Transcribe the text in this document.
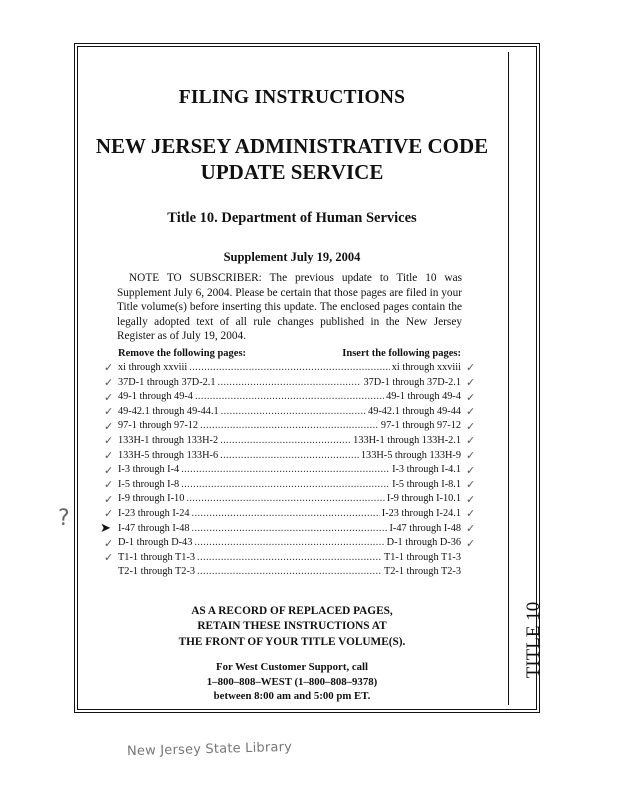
TITLE 10
FILING INSTRUCTIONS
NEW JERSEY ADMINISTRATIVE CODE
UPDATE SERVICE
Title 10. Department of Human Services
Supplement July 19, 2004
NOTE TO SUBSCRIBER: The previous update to Title 10 was Supplement July 6, 2004. Please be certain that those pages are filed in your Title volume(s) before inserting this update. The enclosed pages contain the legally adopted text of all rule changes published in the New Jersey Register as of July 19, 2004.
Remove the following pages:	Insert the following pages:
xi through xxviii .....	xi through xxviii
37D-1 through 37D-2.1 .....	37D-1 through 37D-2.1
49-1 through 49-4 .....	49-1 through 49-4
49-42.1 through 49-44.1 .....	49-42.1 through 49-44
97-1 through 97-12 .....	97-1 through 97-12
133H-1 through 133H-2 .....	133H-1 through 133H-2.1
133H-5 through 133H-6 .....	133H-5 through 133H-9
I-3 through I-4 .....	I-3 through I-4.1
I-5 through I-8 .....	I-5 through I-8.1
I-9 through I-10 .....	I-9 through I-10.1
I-23 through I-24 .....	I-23 through I-24.1
I-47 through I-48 .....	I-47 through I-48
D-1 through D-43 .....	D-1 through D-36
T1-1 through T1-3 .....	T1-1 through T1-3
T2-1 through T2-3 .....	T2-1 through T2-3
✓
✓
✓
✓
✓
✓
✓
✓
✓
✓
✓
✓
✓
✓
✓
✓
✓
✓
✓
✓
✓
✓
✓
✓
✓
✓
➤
?
AS A RECORD OF REPLACED PAGES,
RETAIN THESE INSTRUCTIONS AT
THE FRONT OF YOUR TITLE VOLUME(S).
For West Customer Support, call
1–800–808–WEST (1–800–808–9378)
between 8:00 am and 5:00 pm ET.
New Jersey State Library
